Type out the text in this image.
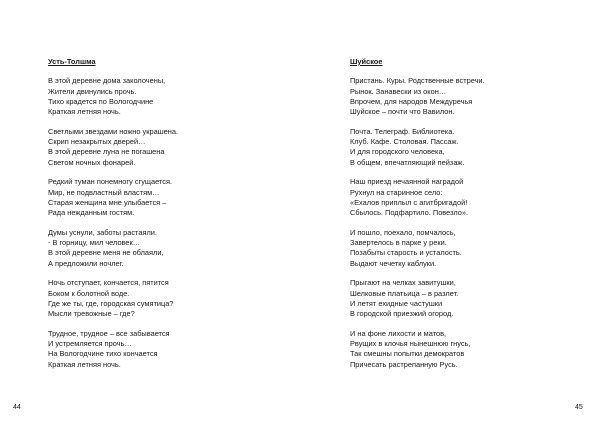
Усть-Толшма
В этой деревне дома заколочены,
Жители двинулись прочь.
Тихо крадется по Вологодчине
Краткая летняя ночь.
Светлыми звездами ножно украшена.
Скрип незакрытых дверей…
В этой деревне луна не погашена
Светом ночных фонарей.
Редкий туман понемногу сгущается.
Мир, не подвластный властям…
Старая женщина мне улыбается –
Рада нежданным гостям.
Думы уснули, заботы растаяли.
- В горницу, мил человек…
В этой деревне меня не облаяли,
А предложили ночлег.
Ночь отступает, кончается, пятится
Боком к болотной воде.
Где же ты, где, городская сумятица?
Мысли тревожные – где?
Трудное, трудное – все забывается
И устремляется прочь…
На Вологодчине тихо кончается
Краткая летняя ночь.
44
Шуйское
Пристань. Куры. Родственные встречи.
Рынок. Занавески из окон…
Впрочем, для народов Междуречья
Шуйское – почти что Вавилон.
Почта. Телеграф. Библиотека.
Клуб. Кафе. Столовая. Пассаж.
И для городского человека,
В общем, впечатляющий пейзаж.
Наш приезд нечаянной наградой
Рухнул на старинное село:
«Ехалов приплыл с агитбригадой!
Сбылось. Подфартило. Повезло».
И пошло, поехало, помчалось,
Завертелось в парке у реки.
Позабыты старость и усталость.
Выдают чечетку каблуки.
Прыгают на челках завитушки,
Шелковые платьица – в разлет.
И летят ехидные частушки
В городской приезжий огород.
И на фоне лихости и матов,
Рвущих в клочья нынешнюю гнусь,
Так смешны попытки демократов
Причесать растрепанную Русь.
45
